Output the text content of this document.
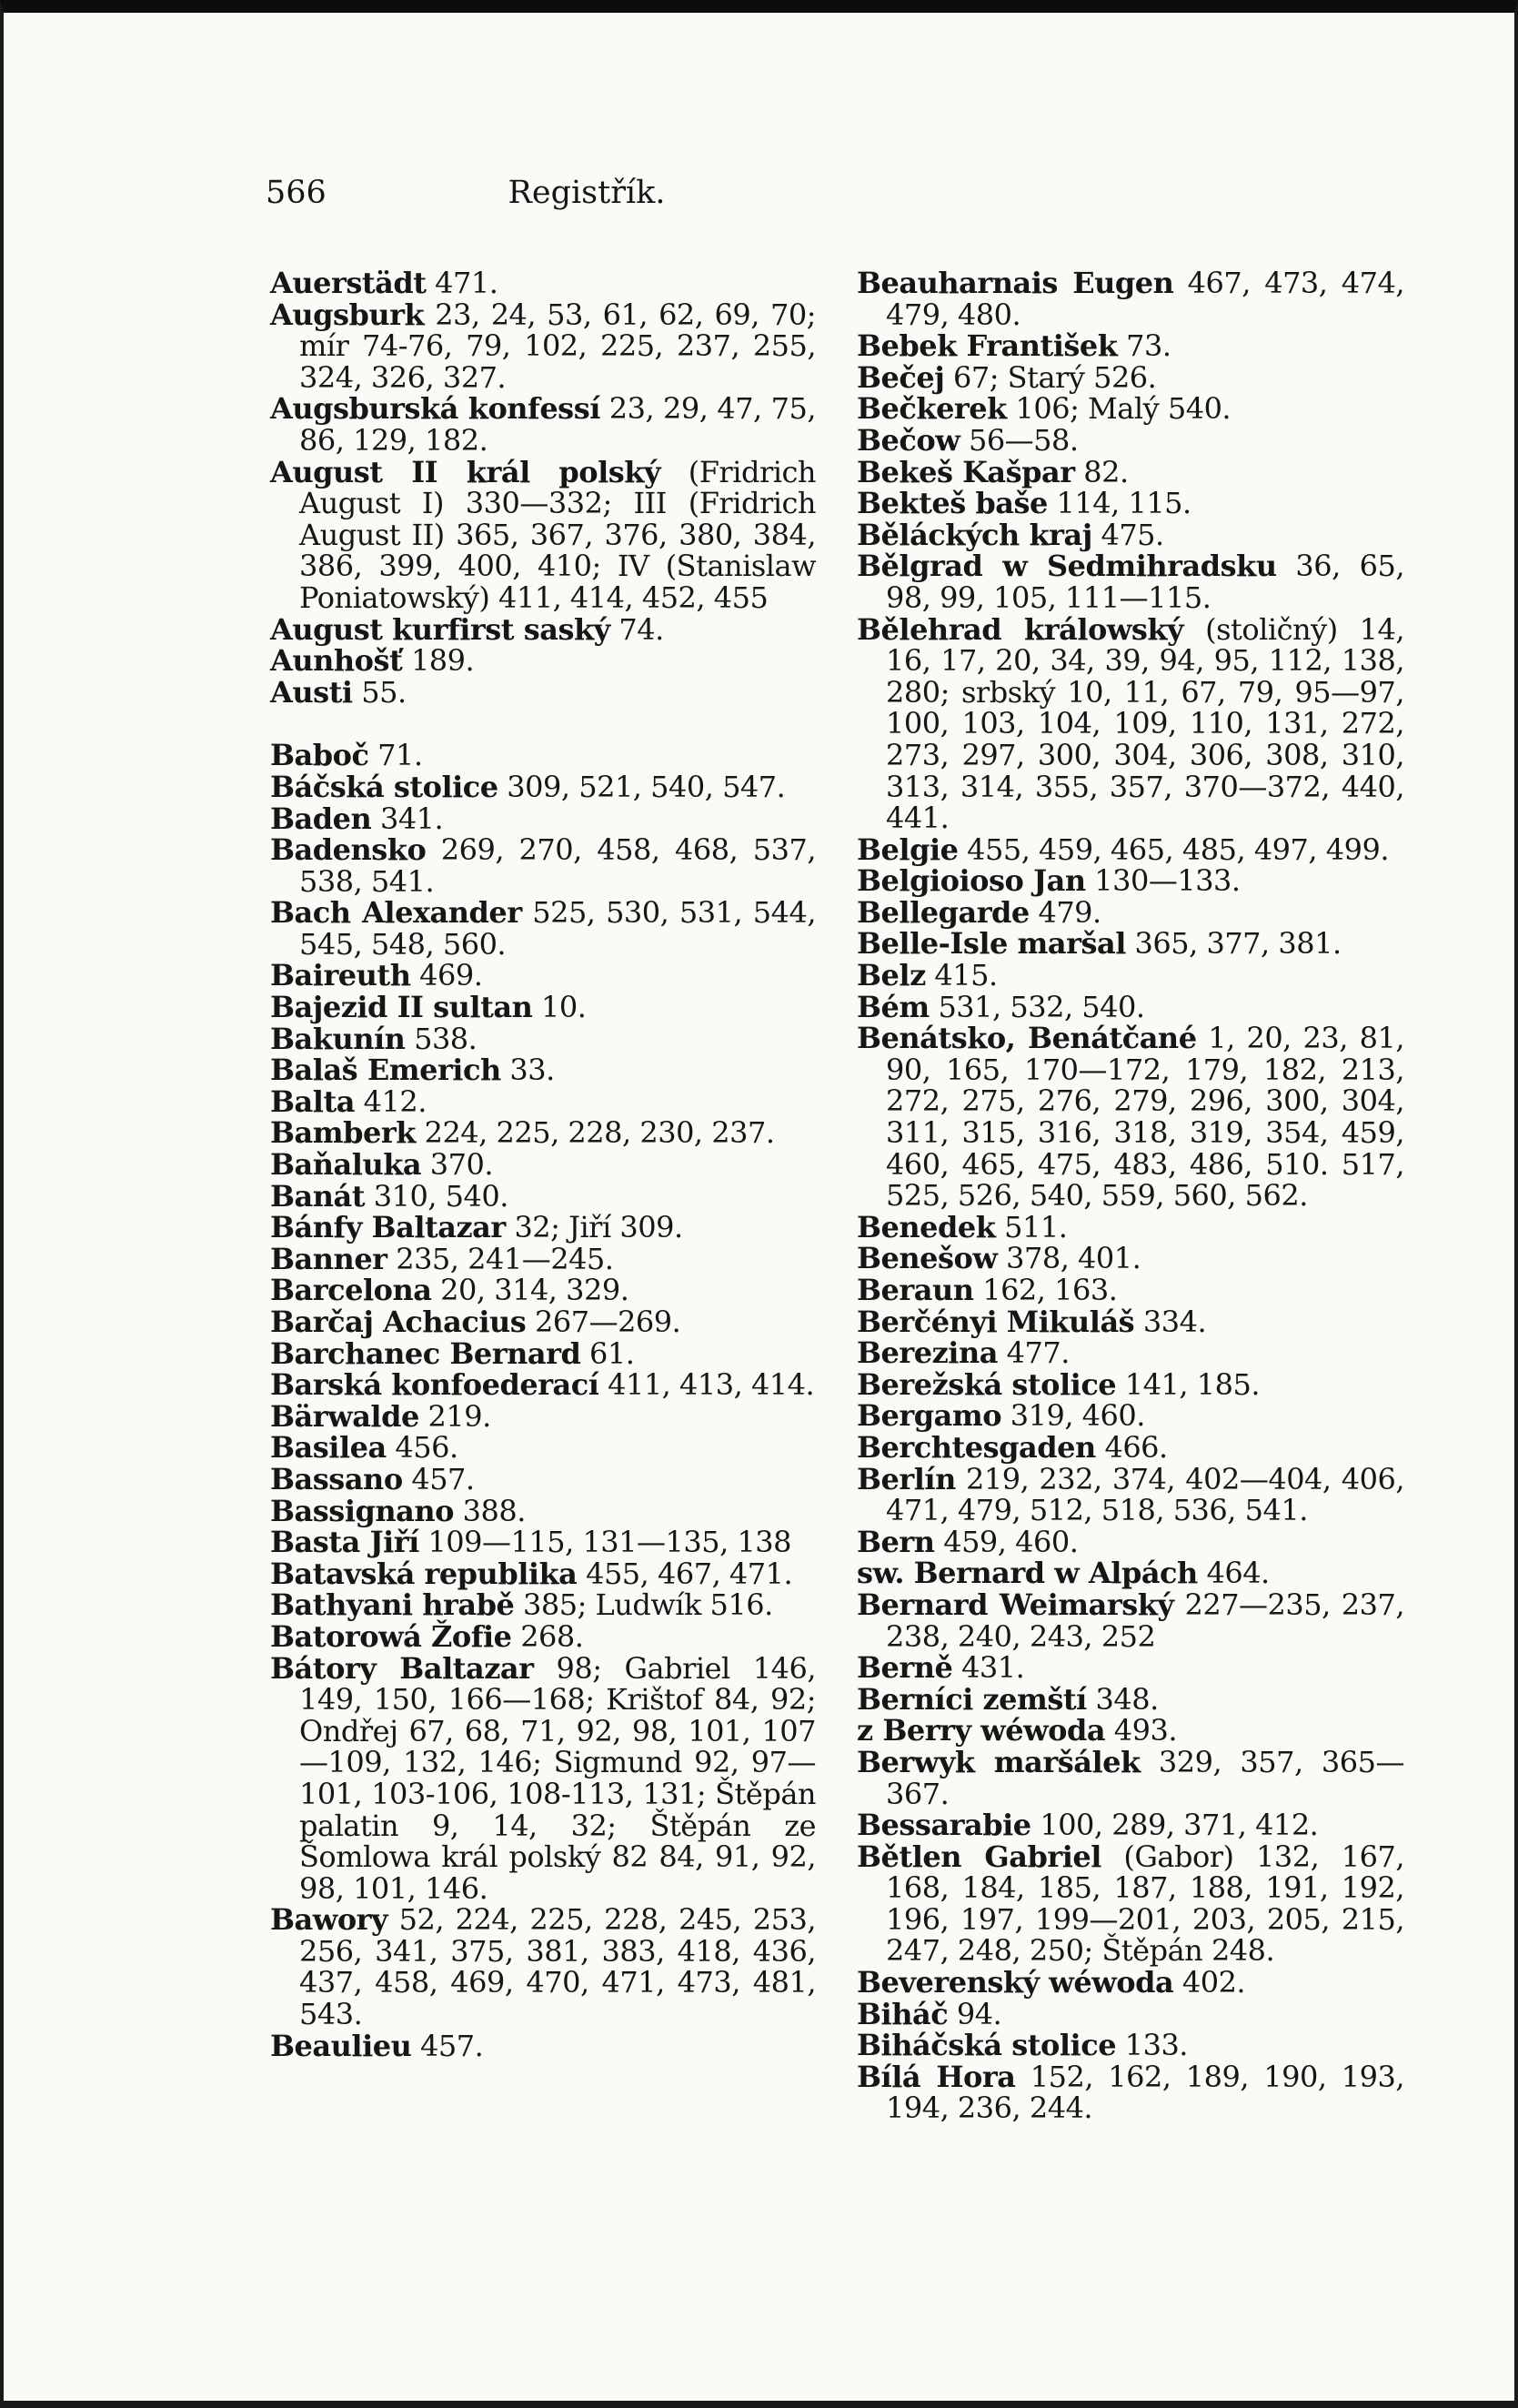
566	Registřík.

Auerstädt 471.

Augsburk 23, 24, 53, 61, 62, 69, 70; mír 74-76, 79, 102, 225, 237, 255, 324, 326, 327.

Augsburská konfessí 23, 29, 47, 75, 86, 129, 182.

August II král polský (Fridrich August I) 330—332; III (Fridrich August II) 365, 367, 376, 380, 384, 386, 399, 400, 410; IV (Stanislaw Poniatowský) 411, 414, 452, 455

August kurfirst saský 74.

Aunhošť 189.

Austi 55.

Baboč 71.

Báčská stolice 309, 521, 540, 547.

Baden 341.

Badensko 269, 270, 458, 468, 537, 538, 541.

Bach Alexander 525, 530, 531, 544, 545, 548, 560.

Baireuth 469.

Bajezid II sultan 10.

Bakunín 538.

Balaš Emerich 33.

Balta 412.

Bamberk 224, 225, 228, 230, 237.

Baňaluka 370.

Banát 310, 540.

Bánfy Baltazar 32; Jiří 309.

Banner 235, 241—245.

Barcelona 20, 314, 329.

Barčaj Achacius 267—269.

Barchanec Bernard 61.

Barská konfoederací 411, 413, 414.

Bärwalde 219.

Basilea 456.

Bassano 457.

Bassignano 388.

Basta Jiří 109—115, 131—135, 138

Batavská republika 455, 467, 471.

Bathyani hrabě 385; Ludwík 516.

Batorowá Žofie 268.

Bátory Baltazar 98; Gabriel 146, 149, 150, 166—168; Krištof 84, 92; Ondřej 67, 68, 71, 92, 98, 101, 107—109, 132, 146; Sigmund 92, 97—101, 103-106, 108-113, 131; Štěpán palatin 9, 14, 32; Štěpán ze Šomlowa král polský 82 84, 91, 92, 98, 101, 146.

Bawory 52, 224, 225, 228, 245, 253, 256, 341, 375, 381, 383, 418, 436, 437, 458, 469, 470, 471, 473, 481, 543.

Beaulieu 457.

Beauharnais Eugen 467, 473, 474, 479, 480.

Bebek František 73.

Bečej 67; Starý 526.

Bečkerek 106; Malý 540.

Bečow 56—58.

Bekeš Kašpar 82.

Bekteš baše 114, 115.

Běláckých kraj 475.

Bělgrad w Sedmihradsku 36, 65, 98, 99, 105, 111—115.

Bělehrad králowský (stoličný) 14, 16, 17, 20, 34, 39, 94, 95, 112, 138, 280; srbský 10, 11, 67, 79, 95—97, 100, 103, 104, 109, 110, 131, 272, 273, 297, 300, 304, 306, 308, 310, 313, 314, 355, 357, 370—372, 440, 441.

Belgie 455, 459, 465, 485, 497, 499.

Belgioioso Jan 130—133.

Bellegarde 479.

Belle-Isle maršal 365, 377, 381.

Belz 415.

Bém 531, 532, 540.

Benátsko, Benátčané 1, 20, 23, 81, 90, 165, 170—172, 179, 182, 213, 272, 275, 276, 279, 296, 300, 304, 311, 315, 316, 318, 319, 354, 459, 460, 465, 475, 483, 486, 510. 517, 525, 526, 540, 559, 560, 562.

Benedek 511.

Benešow 378, 401.

Beraun 162, 163.

Berčényi Mikuláš 334.

Berezina 477.

Berežská stolice 141, 185.

Bergamo 319, 460.

Berchtesgaden 466.

Berlín 219, 232, 374, 402—404, 406, 471, 479, 512, 518, 536, 541.

Bern 459, 460.

sw. Bernard w Alpách 464.

Bernard Weimarský 227—235, 237, 238, 240, 243, 252

Berně 431.

Berníci zemští 348.

z Berry wéwoda 493.

Berwyk maršálek 329, 357, 365—367.

Bessarabie 100, 289, 371, 412.

Bětlen Gabriel (Gabor) 132, 167, 168, 184, 185, 187, 188, 191, 192, 196, 197, 199—201, 203, 205, 215, 247, 248, 250; Štěpán 248.

Beverenský wéwoda 402.

Biháč 94.

Biháčská stolice 133.

Bílá Hora 152, 162, 189, 190, 193, 194, 236, 244.
